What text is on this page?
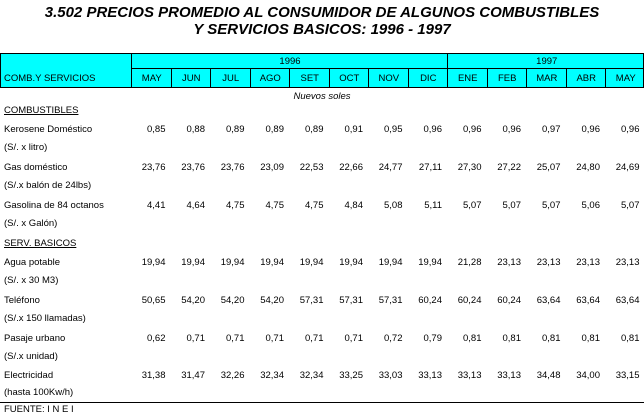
3.502 PRECIOS PROMEDIO AL CONSUMIDOR DE ALGUNOS COMBUSTIBLES
Y SERVICIOS BASICOS: 1996 - 1997
COMB.Y SERVICIOS
1996	1997
MAY	JUN	JUL	AGO	SET	OCT	NOV	DIC	ENE	FEB	MAR	ABR	MAY
COMBUSTIBLES
Kerosene Doméstico
(S/. x litro)
0,85	0,88	0,89	0,89	0,89	0,91	0,95	0,96	0,96	0,96	0,97	0,96	0,96
Gas doméstico
(S/.x balón de 24lbs)
23,76	23,76	23,76	23,09	22,53	22,66	24,77	27,11	27,30	27,22	25,07	24,80	24,69
Gasolina de 84 octanos
(S/. x Galón)
4,41	4,64	4,75	4,75	4,75	4,84	5,08	5,11	5,07	5,07	5,07	5,06	5,07
SERV. BASICOS
Agua potable
(S/. x 30 M3)
19,94	19,94	19,94	19,94	19,94	19,94	19,94	19,94	21,28	23,13	23,13	23,13	23,13
Teléfono
(S/.x 150 llamadas)
50,65	54,20	54,20	54,20	57,31	57,31	57,31	60,24	60,24	60,24	63,64	63,64	63,64
Pasaje urbano
(S/.x unidad)
0,62	0,71	0,71	0,71	0,71	0,71	0,72	0,79	0,81	0,81	0,81	0,81	0,81
Electricidad
(hasta 100Kw/h)
31,38	31,47	32,26	32,34	32,34	33,25	33,03	33,13	33,13	33,13	34,48	34,00	33,15
Nuevos soles
FUENTE: I N E I
